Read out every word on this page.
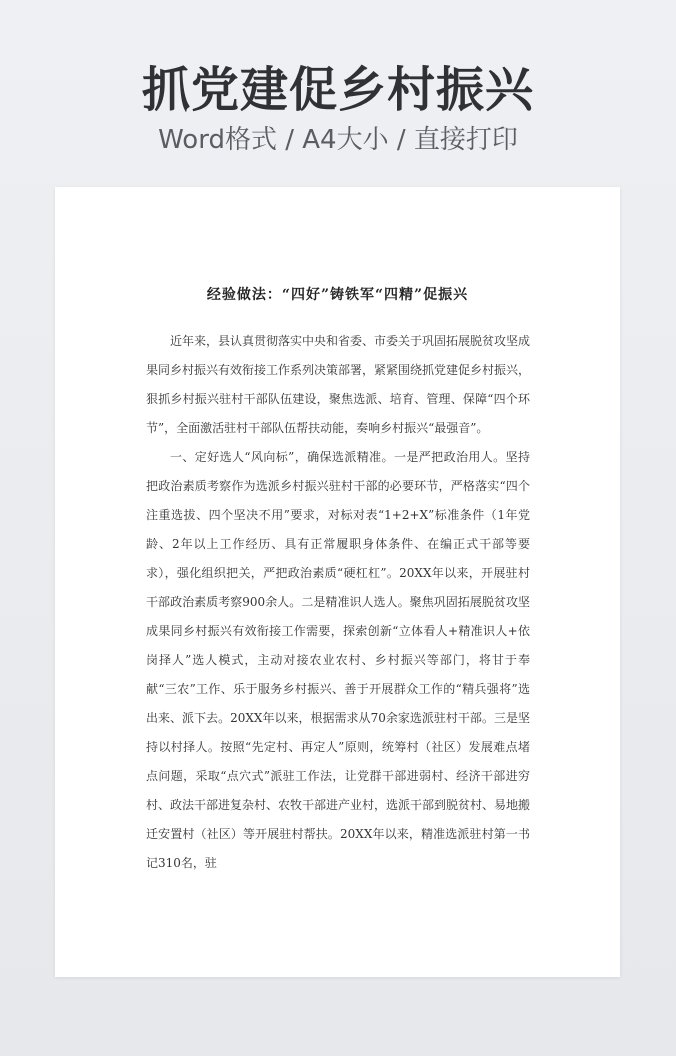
抓党建促乡村振兴
Word格式 / A4大小 / 直接打印
经验做法：“四好”铸铁军“四精”促振兴

近年来，县认真贯彻落实中央和省委、市委关于巩固拓展脱贫攻坚成果同乡村振兴有效衔接工作系列决策部署，紧紧围绕抓党建促乡村振兴，狠抓乡村振兴驻村干部队伍建设，聚焦选派、培育、管理、保障“四个环节”，全面激活驻村干部队伍帮扶动能，奏响乡村振兴“最强音”。

一、定好选人“风向标”，确保选派精准。一是严把政治用人。坚持把政治素质考察作为选派乡村振兴驻村干部的必要环节，严格落实“四个注重选拔、四个坚决不用”要求，对标对表“1+2+X”标准条件（1年党龄、2年以上工作经历、具有正常履职身体条件、在编正式干部等要求），强化组织把关，严把政治素质“硬杠杠”。20XX年以来，开展驻村干部政治素质考察900余人。二是精准识人选人。聚焦巩固拓展脱贫攻坚成果同乡村振兴有效衔接工作需要，探索创新“立体看人+精准识人+依岗择人”选人模式，主动对接农业农村、乡村振兴等部门，将甘于奉献“三农”工作、乐于服务乡村振兴、善于开展群众工作的“精兵强将”选出来、派下去。20XX年以来，根据需求从70余家选派驻村干部。三是坚持以村择人。按照“先定村、再定人”原则，统筹村（社区）发展难点堵点问题，采取“点穴式”派驻工作法，让党群干部进弱村、经济干部进穷村、政法干部进复杂村、农牧干部进产业村，选派干部到脱贫村、易地搬迁安置村（社区）等开展驻村帮扶。20XX年以来，精准选派驻村第一书记310名，驻
